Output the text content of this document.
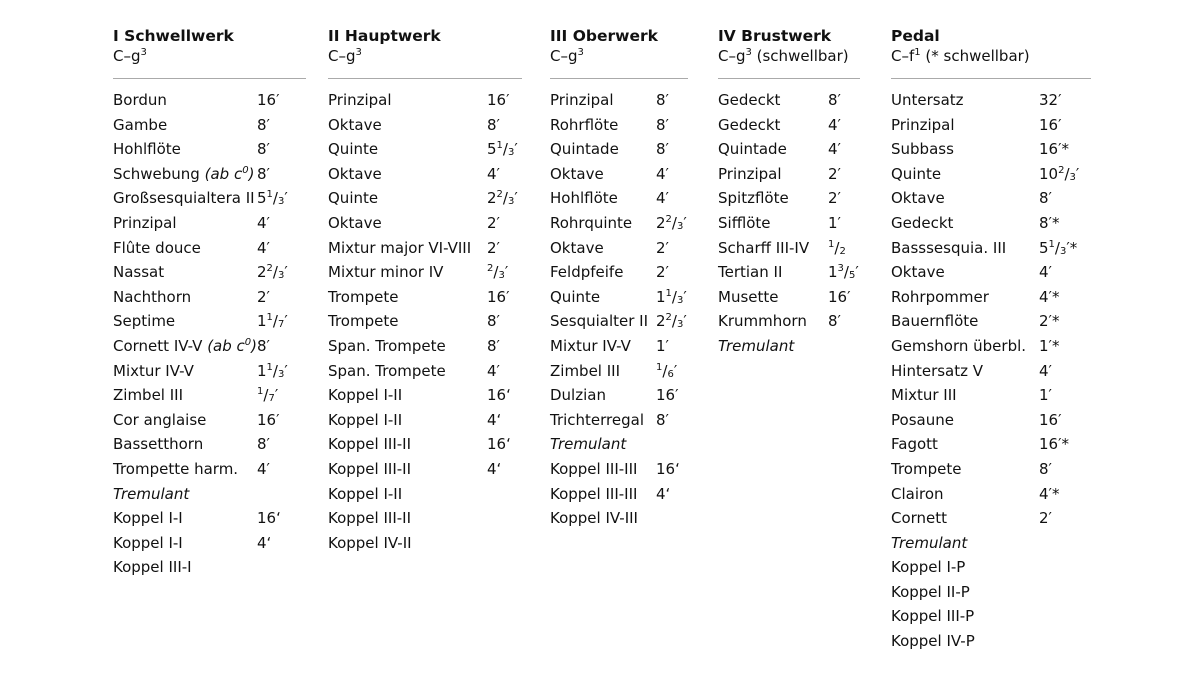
I Schwellwerk
$C-g^3$
Bordun	16′
Gambe	8′
Hohlflöte	8′
Schwebung (ab $c^0$) 8′
Großsesquialtera II $5^1/_3'$
Prinzipal	4′
Flûte douce	4′
Nassat	$2^2/_3'$
Nachthorn	2′
Septime	$1^1/_7'$
Cornett IV-V (ab $c^0$) 8′
Mixtur IV-V	$1^1/_3'$
Zimbel III	$^1/_7'$
Cor anglaise	16′
Bassetthorn	8′
Trompette harm. 4′
Tremulant
Koppel I-I	16‘
Koppel I-I	4‘
Koppel III-I
II Hauptwerk
$C-g^3$
Prinzipal	16′
Oktave	8′
Quinte	$5^1/_3'$
Oktave	4′
Quinte	$2^2/_3'$
Oktave	2′
Mixtur major VI-VIII 2′
Mixtur minor IV	$^2/_3'$
Trompete	16′
Trompete	8′
Span. Trompete	8′
Span. Trompete	4′
Koppel I-II	16‘
Koppel I-II	4‘
Koppel III-II	16‘
Koppel III-II	4‘
Koppel I-II
Koppel III-II
Koppel IV-II
III Oberwerk
$C-g^3$
Prinzipal	8′
Rohrflöte	8′
Quintade 8′
Oktave	4′
Hohlflöte	4′
Rohrquinte $2^2/_3'$
Oktave	2′
Feldpfeife 2′
Quinte	$1^1/_3'$
Sesquialter II $2^2/_3'$
Mixtur IV-V 1′
Zimbel III	$^1/_6'$
Dulzian	16′
Trichterregal 8′
Tremulant
Koppel III-III 16‘
Koppel III-III 4‘
Koppel IV-III
IV Brustwerk
$C-g^3$ (schwellbar)
Gedeckt	8′
Gedeckt	4′
Quintade	4′
Prinzipal	2′
Spitzflöte	2′
Sifflöte	1′
Scharff III-IV $^1/_2$
Tertian II	$1^3/_5'$
Musette	16′
Krummhorn 8′
Tremulant
Pedal
$C-f^1$ (* schwellbar)
Untersatz	32′
Prinzipal	16′
Subbass	16′*
Quinte	$10^2/_3'$
Oktave	8′
Gedeckt	8′*
Basssesquia. III $5^1/_3'*$
Oktave	4′
Rohrpommer	4′*
Bauernflöte	2′*
Gemshorn überbl. 1′*
Hintersatz V	4′
Mixtur III	1′
Posaune	16′
Fagott	16′*
Trompete	8′
Clairon	4′*
Cornett	2′
Tremulant
Koppel I-P
Koppel II-P
Koppel III-P
Koppel IV-P
